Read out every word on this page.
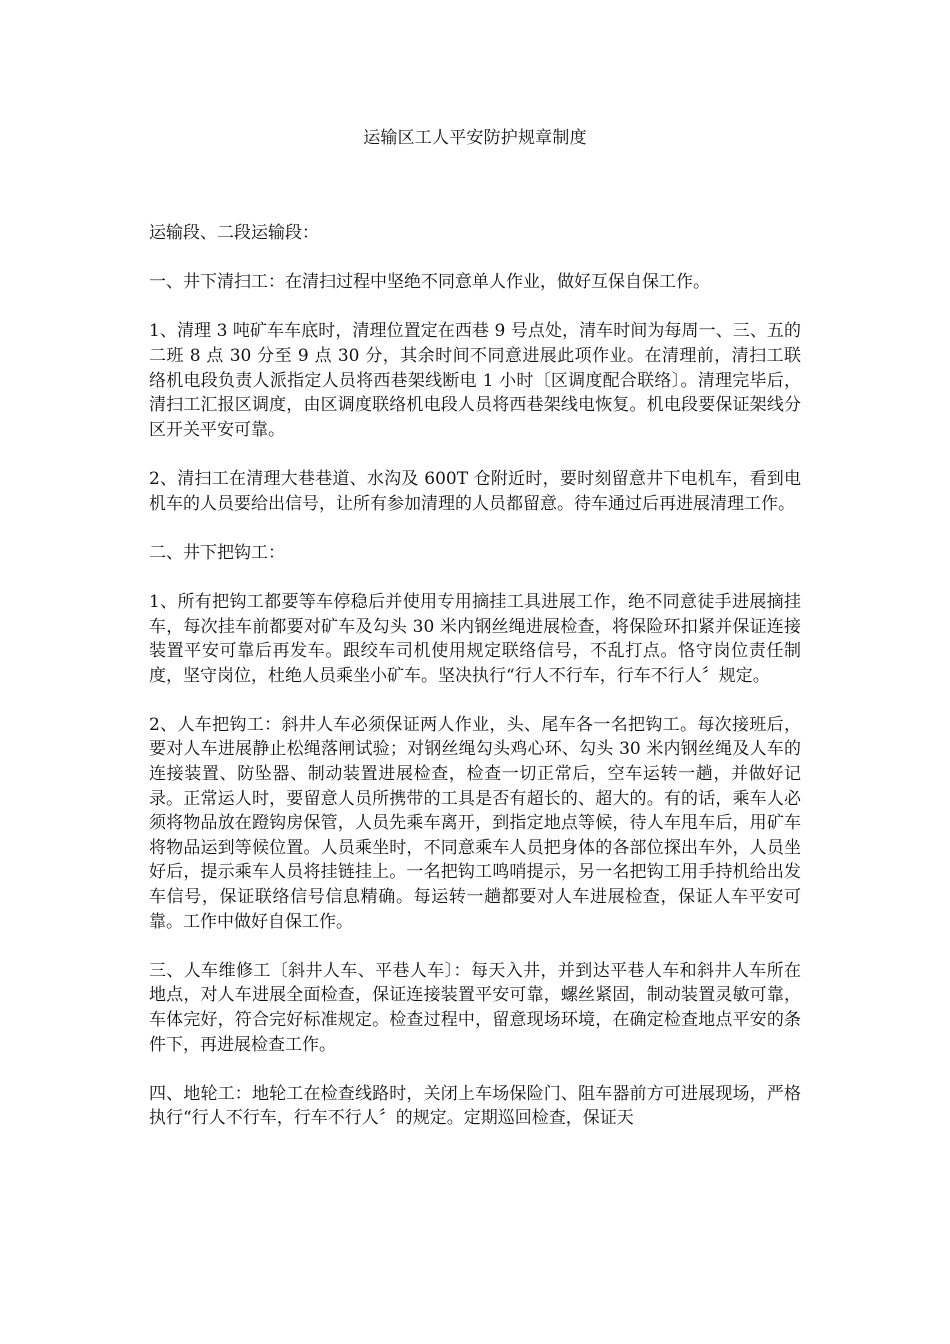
运输区工人平安防护规章制度

运输段、二段运输段：

一、井下清扫工：在清扫过程中坚绝不同意单人作业，做好互保自保工作。

1、清理 3 吨矿车车底时，清理位置定在西巷 9 号点处，清车时间为每周一、三、五的二班 8 点 30 分至 9 点 30 分，其余时间不同意进展此项作业。在清理前，清扫工联络机电段负责人派指定人员将西巷架线断电 1 小时〔区调度配合联络〕。清理完毕后，清扫工汇报区调度，由区调度联络机电段人员将西巷架线电恢复。机电段要保证架线分区开关平安可靠。

2、清扫工在清理大巷巷道、水沟及 600T 仓附近时，要时刻留意井下电机车，看到电机车的人员要给出信号，让所有参加清理的人员都留意。待车通过后再进展清理工作。

二、井下把钩工：

1、所有把钩工都要等车停稳后并使用专用摘挂工具进展工作，绝不同意徒手进展摘挂车，每次挂车前都要对矿车及勾头 30 米内钢丝绳进展检查，将保险环扣紧并保证连接装置平安可靠后再发车。跟绞车司机使用规定联络信号，不乱打点。恪守岗位责任制度，坚守岗位，杜绝人员乘坐小矿车。坚决执行“行人不行车，行车不行人〞规定。

2、人车把钩工：斜井人车必须保证两人作业，头、尾车各一名把钩工。每次接班后，要对人车进展静止松绳落闸试验；对钢丝绳勾头鸡心环、勾头 30 米内钢丝绳及人车的连接装置、防坠器、制动装置进展检查，检查一切正常后，空车运转一趟，并做好记录。正常运人时，要留意人员所携带的工具是否有超长的、超大的。有的话，乘车人必须将物品放在蹬钩房保管，人员先乘车离开，到指定地点等候，待人车甩车后，用矿车将物品运到等候位置。人员乘坐时，不同意乘车人员把身体的各部位探出车外，人员坐好后，提示乘车人员将挂链挂上。一名把钩工鸣哨提示，另一名把钩工用手持机给出发车信号，保证联络信号信息精确。每运转一趟都要对人车进展检查，保证人车平安可靠。工作中做好自保工作。

三、人车维修工〔斜井人车、平巷人车〕：每天入井，并到达平巷人车和斜井人车所在地点，对人车进展全面检查，保证连接装置平安可靠，螺丝紧固，制动装置灵敏可靠，车体完好，符合完好标准规定。检查过程中，留意现场环境，在确定检查地点平安的条件下，再进展检查工作。

四、地轮工：地轮工在检查线路时，关闭上车场保险门、阻车器前方可进展现场，严格执行“行人不行车，行车不行人〞的规定。定期巡回检查，保证天
